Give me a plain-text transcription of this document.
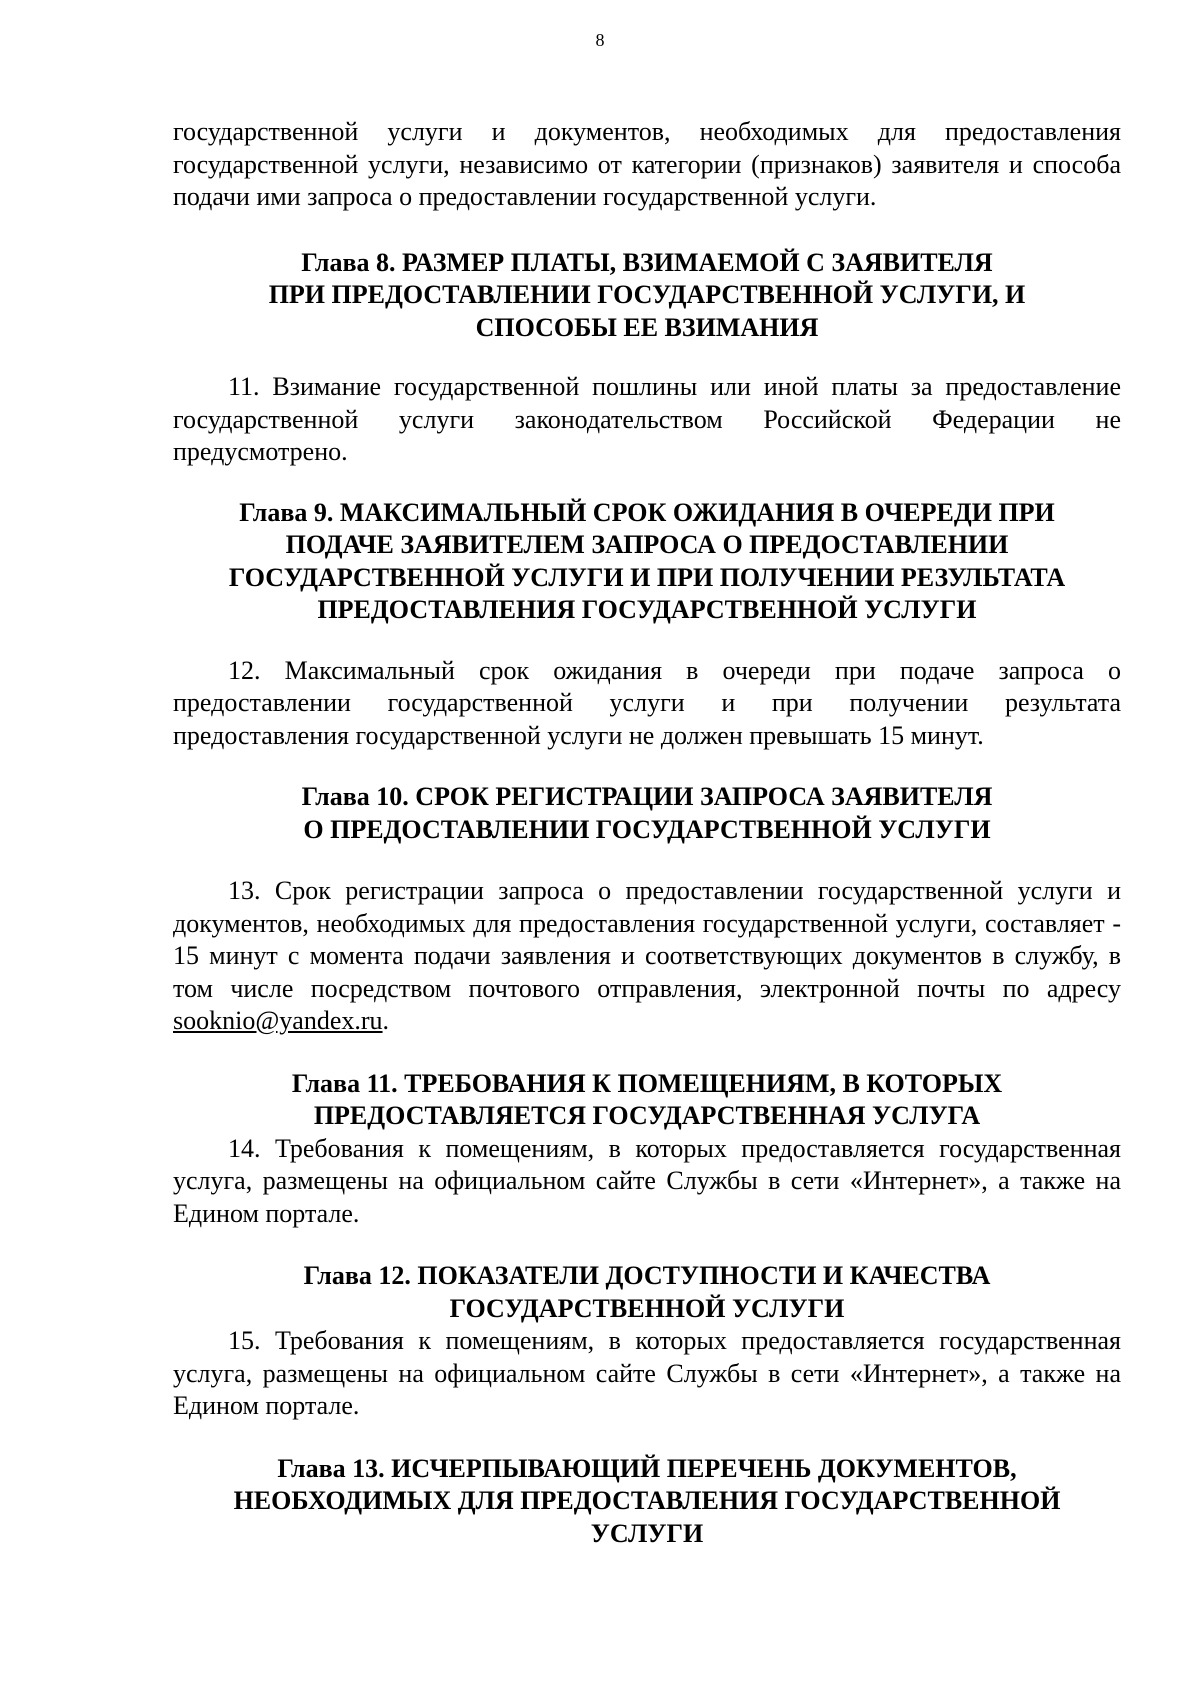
8

государственной услуги и документов, необходимых для предоставления государственной услуги, независимо от категории (признаков) заявителя и способа подачи ими запроса о предоставлении государственной услуги.

Глава 8. РАЗМЕР ПЛАТЫ, ВЗИМАЕМОЙ С ЗАЯВИТЕЛЯ
ПРИ ПРЕДОСТАВЛЕНИИ ГОСУДАРСТВЕННОЙ УСЛУГИ, И
СПОСОБЫ ЕЕ ВЗИМАНИЯ

11. Взимание государственной пошлины или иной платы за предоставление государственной услуги законодательством Российской Федерации не предусмотрено.

Глава 9. МАКСИМАЛЬНЫЙ СРОК ОЖИДАНИЯ В ОЧЕРЕДИ ПРИ
ПОДАЧЕ ЗАЯВИТЕЛЕМ ЗАПРОСА О ПРЕДОСТАВЛЕНИИ
ГОСУДАРСТВЕННОЙ УСЛУГИ И ПРИ ПОЛУЧЕНИИ РЕЗУЛЬТАТА
ПРЕДОСТАВЛЕНИЯ ГОСУДАРСТВЕННОЙ УСЛУГИ

12. Максимальный срок ожидания в очереди при подаче запроса о предоставлении государственной услуги и при получении результата предоставления государственной услуги не должен превышать 15 минут.

Глава 10. СРОК РЕГИСТРАЦИИ ЗАПРОСА ЗАЯВИТЕЛЯ
О ПРЕДОСТАВЛЕНИИ ГОСУДАРСТВЕННОЙ УСЛУГИ

13. Срок регистрации запроса о предоставлении государственной услуги и документов, необходимых для предоставления государственной услуги, составляет - 15 минут с момента подачи заявления и соответствующих документов в службу, в том числе посредством почтового отправления, электронной почты по адресу sooknio@yandex.ru.

Глава 11. ТРЕБОВАНИЯ К ПОМЕЩЕНИЯМ, В КОТОРЫХ
ПРЕДОСТАВЛЯЕТСЯ ГОСУДАРСТВЕННАЯ УСЛУГА

14. Требования к помещениям, в которых предоставляется государственная услуга, размещены на официальном сайте Службы в сети «Интернет», а также на Едином портале.

Глава 12. ПОКАЗАТЕЛИ ДОСТУПНОСТИ И КАЧЕСТВА
ГОСУДАРСТВЕННОЙ УСЛУГИ

15. Требования к помещениям, в которых предоставляется государственная услуга, размещены на официальном сайте Службы в сети «Интернет», а также на Едином портале.

Глава 13. ИСЧЕРПЫВАЮЩИЙ ПЕРЕЧЕНЬ ДОКУМЕНТОВ,
НЕОБХОДИМЫХ ДЛЯ ПРЕДОСТАВЛЕНИЯ ГОСУДАРСТВЕННОЙ
УСЛУГИ
